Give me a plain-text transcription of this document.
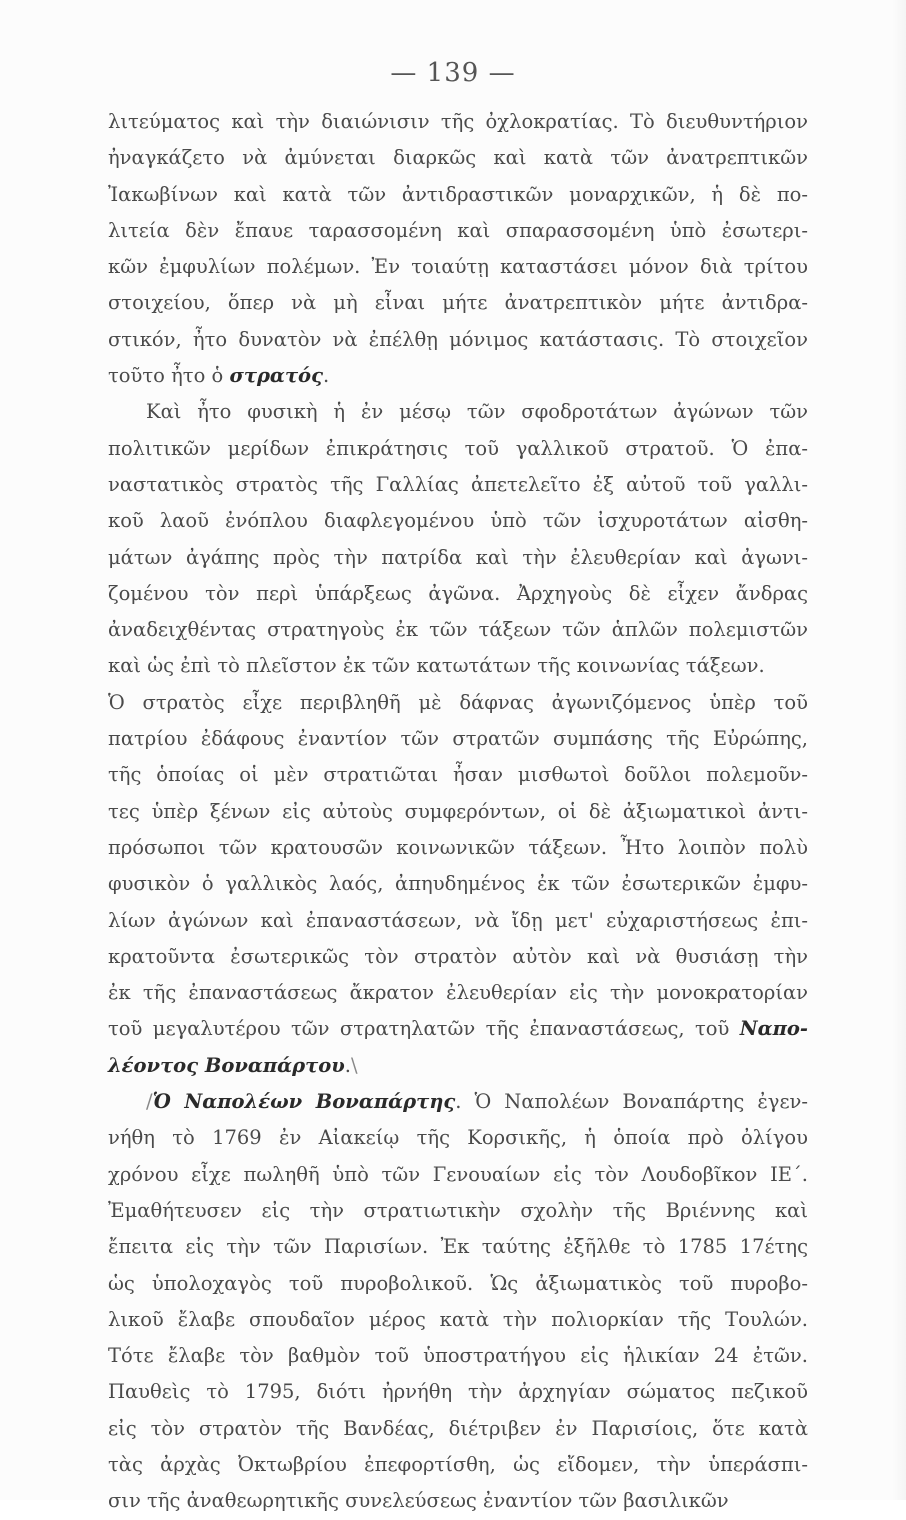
— 139 —
λιτεύματος καὶ τὴν διαιώνισιν τῆς ὀχλοκρατίας. Τὸ διευθυντήριον
ἠναγκάζετο νὰ ἀμύνεται διαρκῶς καὶ κατὰ τῶν ἀνατρεπτικῶν
Ἰακωβίνων καὶ κατὰ τῶν ἀντιδραστικῶν μοναρχικῶν, ἡ δὲ πο-
λιτεία δὲν ἔπαυε ταρασσομένη καὶ σπαρασσομένη ὑπὸ ἐσωτερι-
κῶν ἐμφυλίων πολέμων. Ἐν τοιαύτῃ καταστάσει μόνον διὰ τρίτου
στοιχείου, ὅπερ νὰ μὴ εἶναι μήτε ἀνατρεπτικὸν μήτε ἀντιδρα-
στικόν, ἦτο δυνατὸν νὰ ἐπέλθῃ μόνιμος κατάστασις. Τὸ στοιχεῖον
τοῦτο ἦτο ὁ στρατός.
Καὶ ἦτο φυσικὴ ἡ ἐν μέσῳ τῶν σφοδροτάτων ἀγώνων τῶν
πολιτικῶν μερίδων ἐπικράτησις τοῦ γαλλικοῦ στρατοῦ. Ὁ ἐπα-
ναστατικὸς στρατὸς τῆς Γαλλίας ἀπετελεῖτο ἐξ αὐτοῦ τοῦ γαλλι-
κοῦ λαοῦ ἐνόπλου διαφλεγομένου ὑπὸ τῶν ἰσχυροτάτων αἰσθη-
μάτων ἀγάπης πρὸς τὴν πατρίδα καὶ τὴν ἐλευθερίαν καὶ ἀγωνι-
ζομένου τὸν περὶ ὑπάρξεως ἀγῶνα. Ἀρχηγοὺς δὲ εἶχεν ἄνδρας
ἀναδειχθέντας στρατηγοὺς ἐκ τῶν τάξεων τῶν ἁπλῶν πολεμιστῶν
καὶ ὡς ἐπὶ τὸ πλεῖστον ἐκ τῶν κατωτάτων τῆς κοινωνίας τάξεων.
Ὁ στρατὸς εἶχε περιβληθῆ μὲ δάφνας ἀγωνιζόμενος ὑπὲρ τοῦ
πατρίου ἐδάφους ἐναντίον τῶν στρατῶν συμπάσης τῆς Εὐρώπης,
τῆς ὁποίας οἱ μὲν στρατιῶται ἦσαν μισθωτοὶ δοῦλοι πολεμοῦν-
τες ὑπὲρ ξένων εἰς αὐτοὺς συμφερόντων, οἱ δὲ ἀξιωματικοὶ ἀντι-
πρόσωποι τῶν κρατουσῶν κοινωνικῶν τάξεων. Ἦτο λοιπὸν πολὺ
φυσικὸν ὁ γαλλικὸς λαός, ἀπηυδημένος ἐκ τῶν ἐσωτερικῶν ἐμφυ-
λίων ἀγώνων καὶ ἐπαναστάσεων, νὰ ἴδῃ μετ' εὐχαριστήσεως ἐπι-
κρατοῦντα ἐσωτερικῶς τὸν στρατὸν αὐτὸν καὶ νὰ θυσιάσῃ τὴν
ἐκ τῆς ἐπαναστάσεως ἄκρατον ἐλευθερίαν εἰς τὴν μονοκρατορίαν
τοῦ μεγαλυτέρου τῶν στρατηλατῶν τῆς ἐπαναστάσεως, τοῦ Ναπο-
λέοντος Βοναπάρτου.\
/Ὁ Ναπολέων Βοναπάρτης. Ὁ Ναπολέων Βοναπάρτης ἐγεν-
νήθη τὸ 1769 ἐν Αἰακείῳ τῆς Κορσικῆς, ἡ ὁποία πρὸ ὀλίγου
χρόνου εἶχε πωληθῆ ὑπὸ τῶν Γενουαίων εἰς τὸν Λουδοβῖκον ΙΕ΄.
Ἐμαθήτευσεν εἰς τὴν στρατιωτικὴν σχολὴν τῆς Βριέννης καὶ
ἔπειτα εἰς τὴν τῶν Παρισίων. Ἐκ ταύτης ἐξῆλθε τὸ 1785 17έτης
ὡς ὑπολοχαγὸς τοῦ πυροβολικοῦ. Ὡς ἀξιωματικὸς τοῦ πυροβο-
λικοῦ ἔλαβε σπουδαῖον μέρος κατὰ τὴν πολιορκίαν τῆς Τουλών.
Τότε ἔλαβε τὸν βαθμὸν τοῦ ὑποστρατήγου εἰς ἡλικίαν 24 ἐτῶν.
Παυθεὶς τὸ 1795, διότι ἠρνήθη τὴν ἀρχηγίαν σώματος πεζικοῦ
εἰς τὸν στρατὸν τῆς Βανδέας, διέτριβεν ἐν Παρισίοις, ὅτε κατὰ
τὰς ἀρχὰς Ὀκτωβρίου ἐπεφορτίσθη, ὡς εἴδομεν, τὴν ὑπεράσπι-
σιν τῆς ἀναθεωρητικῆς συνελεύσεως ἐναντίον τῶν βασιλικῶν
